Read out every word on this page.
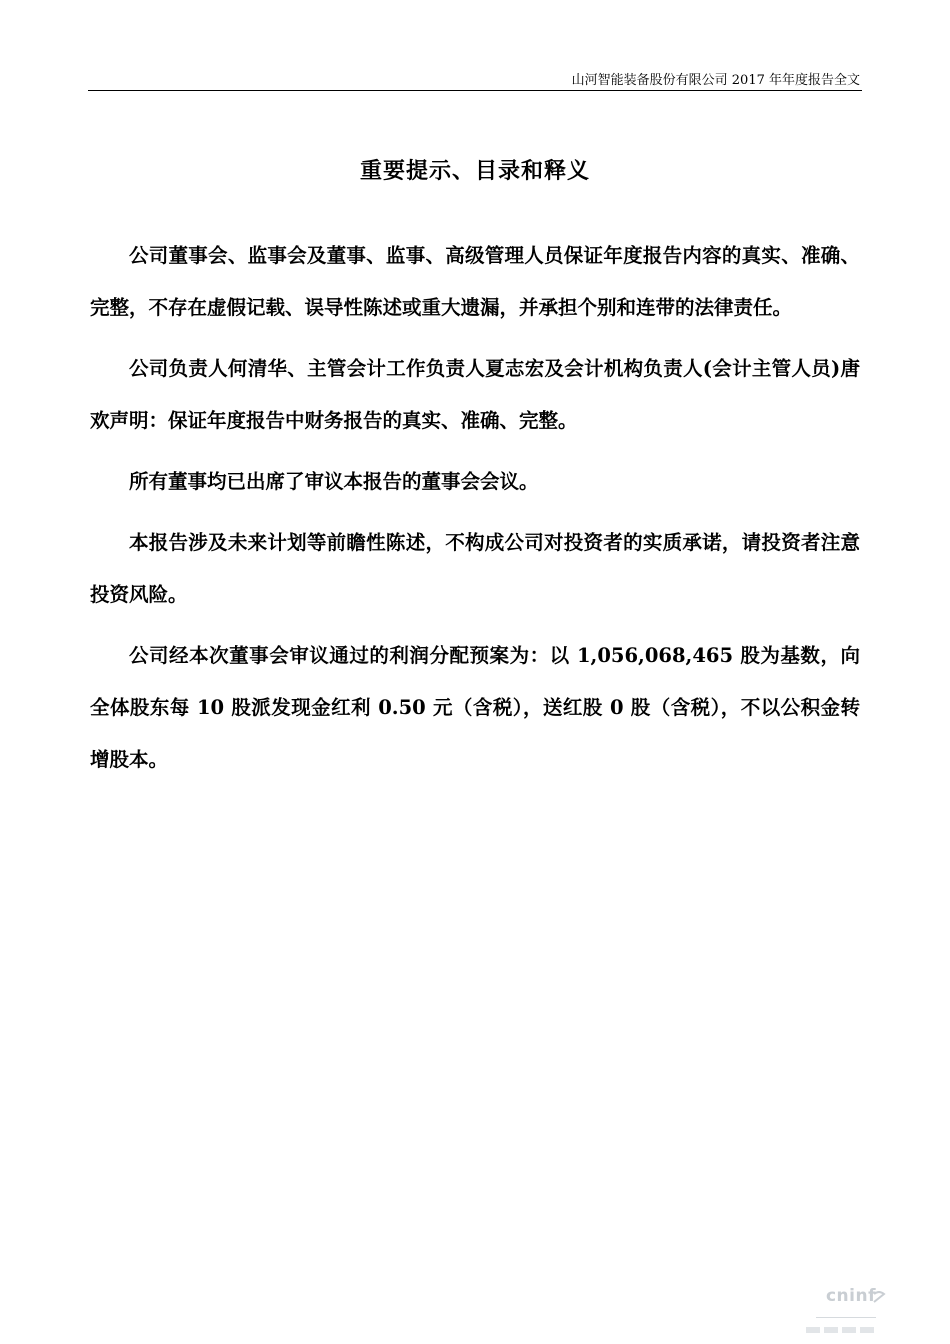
山河智能装备股份有限公司 2017 年年度报告全文
重要提示、目录和释义

公司董事会、监事会及董事、监事、高级管理人员保证年度报告内容的真实、准确、完整，不存在虚假记载、误导性陈述或重大遗漏，并承担个别和连带的法律责任。

公司负责人何清华、主管会计工作负责人夏志宏及会计机构负责人(会计主管人员)唐欢声明：保证年度报告中财务报告的真实、准确、完整。

所有董事均已出席了审议本报告的董事会会议。

本报告涉及未来计划等前瞻性陈述，不构成公司对投资者的实质承诺，请投资者注意投资风险。

公司经本次董事会审议通过的利润分配预案为：以 1,056,068,465 股为基数，向全体股东每 10 股派发现金红利 0.50 元（含税），送红股 0 股（含税），不以公积金转增股本。

cninf
